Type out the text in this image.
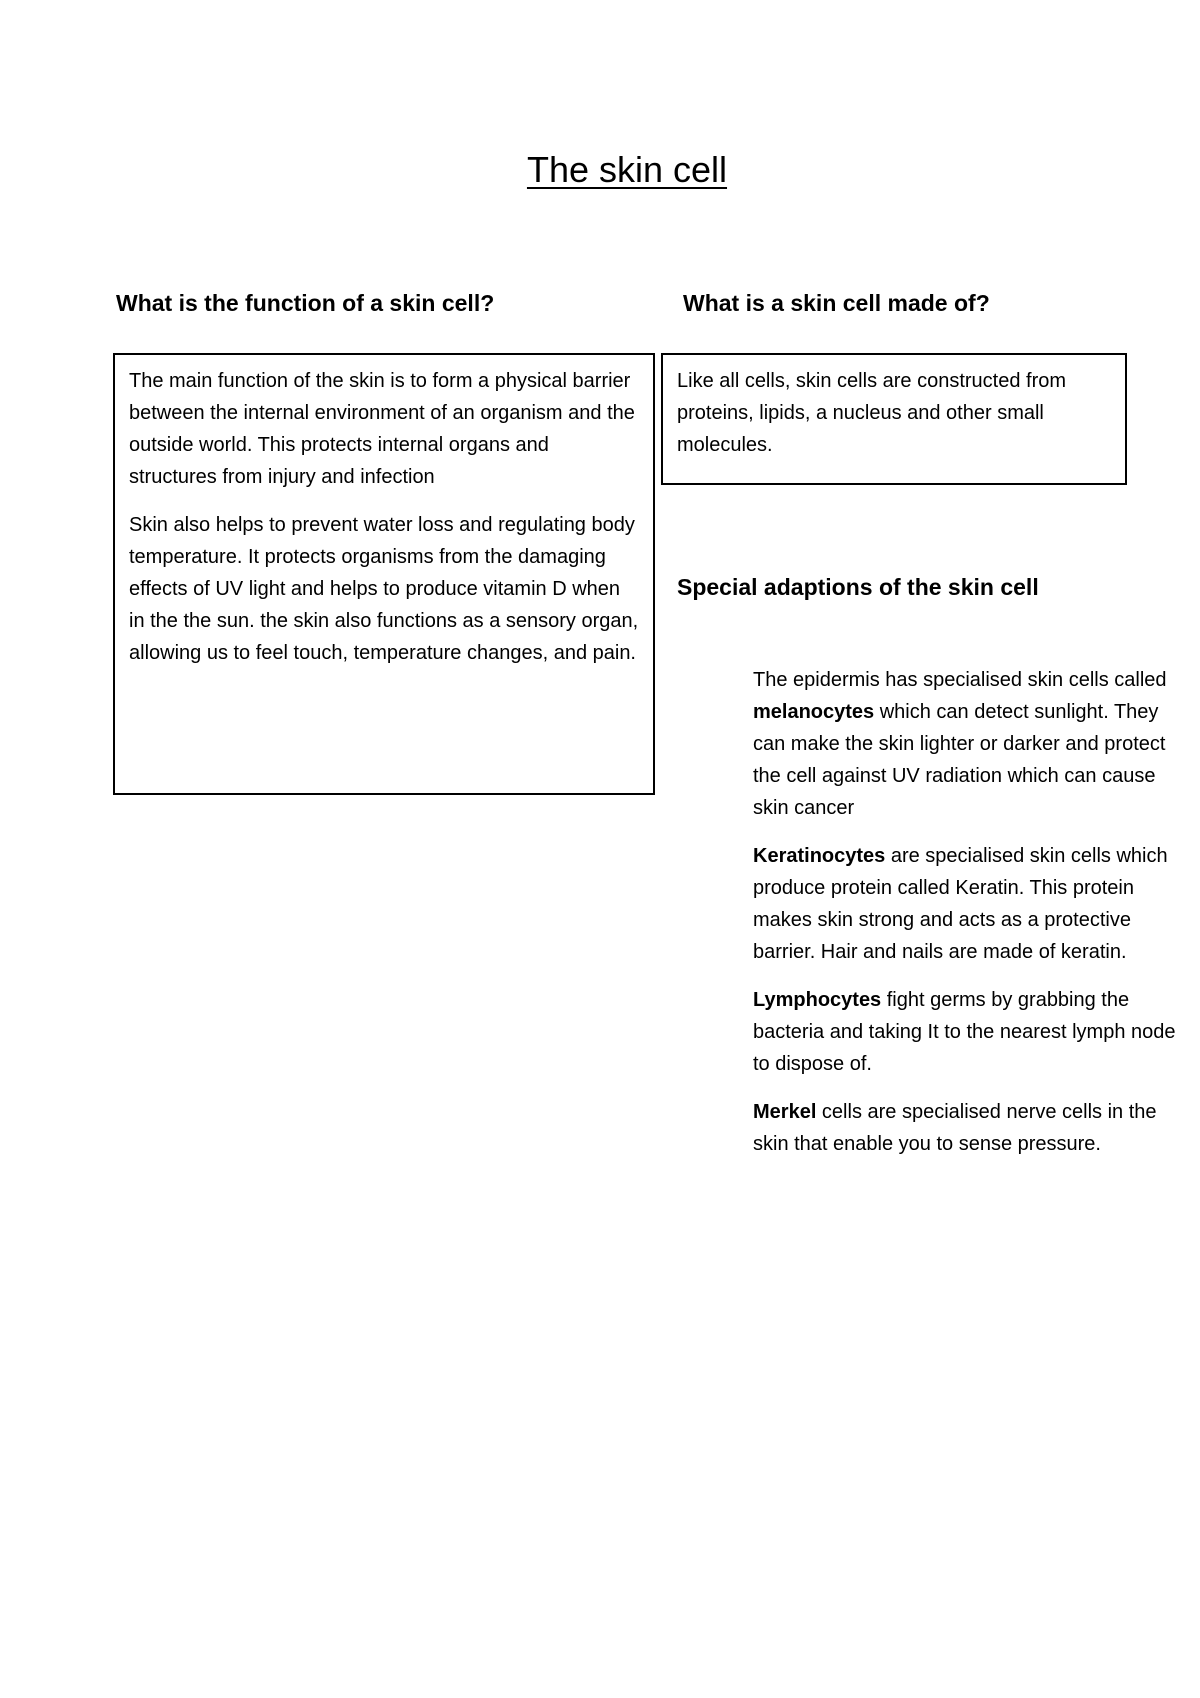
The skin cell
What is the function of a skin cell?	What is a skin cell made of?

The main function of the skin is to form a physical barrier between the internal environment of an organism and the outside world. This protects internal organs and structures from injury and infection

Skin also helps to prevent water loss and regulating body temperature. It protects organisms from the damaging effects of UV light and helps to produce vitamin D when in the the sun. the skin also functions as a sensory organ, allowing us to feel touch, temperature changes, and pain.

Like all cells, skin cells are constructed from proteins, lipids, a nucleus and other small molecules.

Special adaptions of the skin cell

The epidermis has specialised skin cells called melanocytes which can detect sunlight. They can make the skin lighter or darker and protect the cell against UV radiation which can cause skin cancer

Keratinocytes are specialised skin cells which produce protein called Keratin. This protein makes skin strong and acts as a protective barrier. Hair and nails are made of keratin.

Lymphocytes fight germs by grabbing the bacteria and taking It to the nearest lymph node to dispose of.

Merkel cells are specialised nerve cells in the skin that enable you to sense pressure.
